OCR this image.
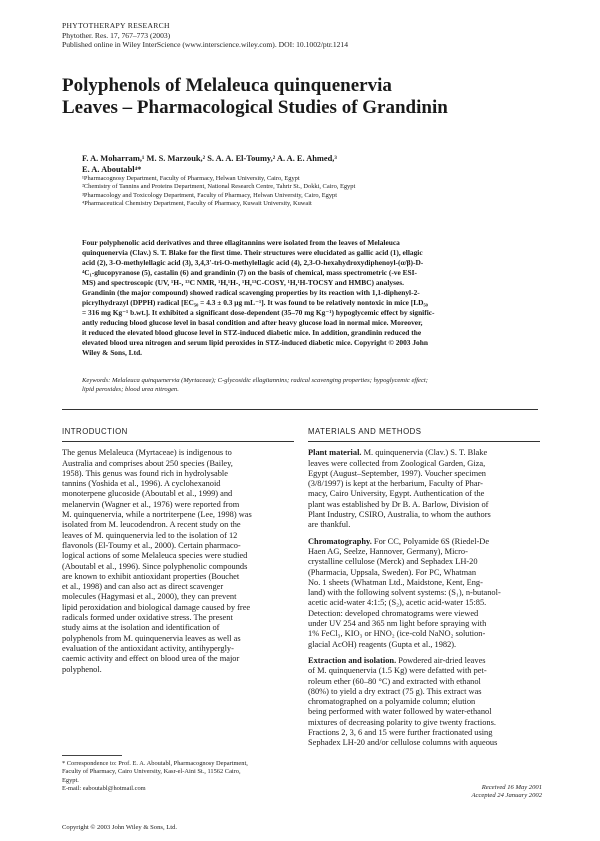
PHYTOTHERAPY RESEARCH
Phytother. Res. 17, 767–773 (2003)
Published online in Wiley InterScience (www.interscience.wiley.com). DOI: 10.1002/ptr.1214
Polyphenols of Melaleuca quinquenervia
Leaves – Pharmacological Studies of Grandinin
F. A. Moharram,¹ M. S. Marzouk,² S. A. A. El-Toumy,² A. A. E. Ahmed,³
E. A. Aboutabl⁴*
¹Pharmacognosy Department, Faculty of Pharmacy, Helwan University, Cairo, Egypt
²Chemistry of Tannins and Proteins Department, National Research Centre, Tahrir St., Dokki, Cairo, Egypt
³Pharmacology and Toxicology Department, Faculty of Pharmacy, Helwan University, Cairo, Egypt
⁴Pharmaceutical Chemistry Department, Faculty of Pharmacy, Kuwait University, Kuwait

Four polyphenolic acid derivatives and three ellagitannins were isolated from the leaves of Melaleuca

quinquenervia (Clav.) S. T. Blake for the first time. Their structures were elucidated as gallic acid (1), ellagic

acid (2), 3-O-methylellagic acid (3), 3,4,3′-tri-O-methylellagic acid (4), 2,3-O-hexahydroxydiphenoyl-(α/β)-D-

⁴C₁-glucopyranose (5), castalin (6) and grandinin (7) on the basis of chemical, mass spectrometric (-ve ESI-

MS) and spectroscopic (UV, ¹H-, ¹³C NMR, ¹H,¹H-, ¹H,¹³C-COSY, ¹H,¹H-TOCSY and HMBC) analyses.

Grandinin (the major compound) showed radical scavenging properties by its reaction with 1,1-diphenyl-2-

picrylhydrazyl (DPPH) radical [EC₅₀ = 4.3 ± 0.3 μg mL⁻¹]. It was found to be relatively nontoxic in mice [LD₅₀

= 316 mg Kg⁻¹ b.wt.]. It exhibited a significant dose-dependent (35–70 mg Kg⁻¹) hypoglycemic effect by signific-

antly reducing blood glucose level in basal condition and after heavy glucose load in normal mice. Moreover,

it reduced the elevated blood glucose level in STZ-induced diabetic mice. In addition, grandinin reduced the

elevated blood urea nitrogen and serum lipid peroxides in STZ-induced diabetic mice. Copyright © 2003 John

Wiley & Sons, Ltd.

Keywords: Melaleuca quinquenervia (Myrtaceae); C-glycosidic ellagitannins; radical scavenging properties; hypoglycemic effect;
lipid peroxides; blood urea nitrogen.
INTRODUCTION
The genus Melaleuca (Myrtaceae) is indigenous to
Australia and comprises about 250 species (Bailey,
1958). This genus was found rich in hydrolysable
tannins (Yoshida et al., 1996). A cyclohexanoid
monoterpene glucoside (Aboutabl et al., 1999) and
melanervin (Wagner et al., 1976) were reported from
M. quinquenervia, while a nortriterpene (Lee, 1998) was
isolated from M. leucodendron. A recent study on the
leaves of M. quinquenervia led to the isolation of 12
flavonols (El-Toumy et al., 2000). Certain pharmaco-
logical actions of some Melaleuca species were studied
(Aboutabl et al., 1996). Since polyphenolic compounds
are known to exhibit antioxidant properties (Bouchet
et al., 1998) and can also act as direct scavenger
molecules (Hagymasi et al., 2000), they can prevent
lipid peroxidation and biological damage caused by free
radicals formed under oxidative stress. The present
study aims at the isolation and identification of
polyphenols from M. quinquenervia leaves as well as
evaluation of the antioxidant activity, antihypergly-
caemic activity and effect on blood urea of the major
polyphenol.
MATERIALS AND METHODS
Plant material. M. quinquenervia (Clav.) S. T. Blake
leaves were collected from Zoological Garden, Giza,
Egypt (August–September, 1997). Voucher specimen
(3/8/1997) is kept at the herbarium, Faculty of Phar-
macy, Cairo University, Egypt. Authentication of the
plant was established by Dr B. A. Barlow, Division of
Plant Industry, CSIRO, Australia, to whom the authors
are thankful.
Chromatography. For CC, Polyamide 6S (Riedel-De
Haen AG, Seelze, Hannover, Germany), Micro-
crystalline cellulose (Merck) and Sephadex LH-20
(Pharmacia, Uppsala, Sweden). For PC, Whatman
No. 1 sheets (Whatman Ltd., Maidstone, Kent, Eng-
land) with the following solvent systems: (S₁), n-butanol-
acetic acid-water 4:1:5; (S₂), acetic acid-water 15:85.
Detection: developed chromatograms were viewed
under UV 254 and 365 nm light before spraying with
1% FeCl₃, KIO₃ or HNO₂ (ice-cold NaNO₂ solution-
glacial AcOH) reagents (Gupta et al., 1982).
Extraction and isolation. Powdered air-dried leaves
of M. quinquenervia (1.5 Kg) were defatted with pet-
roleum ether (60–80 °C) and extracted with ethanol
(80%) to yield a dry extract (75 g). This extract was
chromatographed on a polyamide column; elution
being performed with water followed by water-ethanol
mixtures of decreasing polarity to give twenty fractions.
Fractions 2, 3, 6 and 15 were further fractionated using
Sephadex LH-20 and/or cellulose columns with aqueous
* Correspondence to: Prof. E. A. Aboutabl, Pharmacognosy Department,
Faculty of Pharmacy, Cairo University, Kasr-el-Aini St., 11562 Cairo,
Egypt.
E-mail: eaboutabl@hotmail.com	Received 16 May 2001
Accepted 24 January 2002
Copyright © 2003 John Wiley & Sons, Ltd.
